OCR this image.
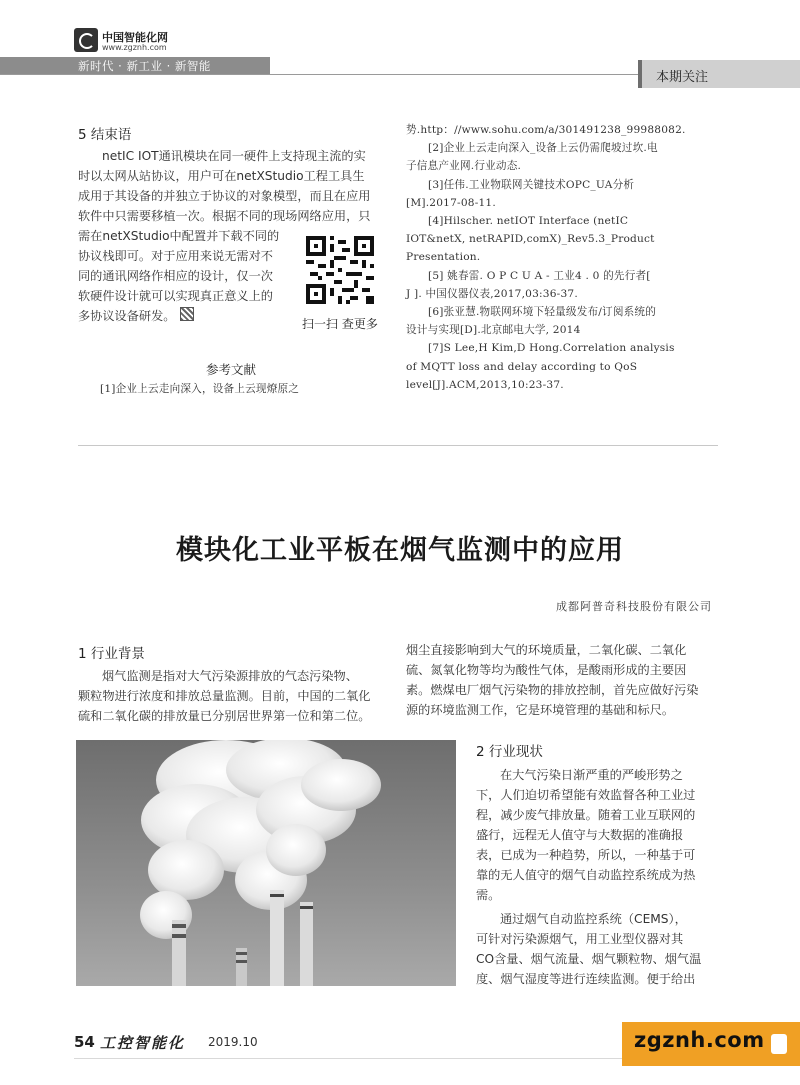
中国智能化网
www.zgznh.com
新时代 · 新工业 · 新智能
本期关注
5 结束语
netIC IOT通讯模块在同一硬件上支持现主流的实
时以太网从站协议，用户可在netXStudio工程工具生
成用于其设备的并独立于协议的对象模型，而且在应用
软件中只需要移植一次。根据不同的现场网络应用，只
需在netXStudio中配置并下载不同的
协议栈即可。对于应用来说无需对不
同的通讯网络作相应的设计，仅一次
软硬件设计就可以实现真正意义上的
多协议设备研发。
扫一扫 查更多
参考文献
[1]企业上云走向深入，设备上云现燎原之
势.http：//www.sohu.com/a/301491238_99988082.
[2]企业上云走向深入_设备上云仍需爬坡过坎.电
子信息产业网.行业动态.
[3]任伟.工业物联网关键技术OPC_UA分析
[M].2017-08-11.
[4]Hilscher. netIOT Interface (netIC
IOT&netX, netRAPID,comX)_Rev5.3_Product
Presentation.
[5] 姚春雷. O P C U A - 工业4 . 0 的先行者[
J ]. 中国仪器仪表,2017,03:36-37.
[6]张亚慧.物联网环境下轻量级发布/订阅系统的
设计与实现[D].北京邮电大学, 2014
[7]S Lee,H Kim,D Hong.Correlation analysis
of MQTT loss and delay according to QoS
level[J].ACM,2013,10:23-37.
模块化工业平板在烟气监测中的应用
成都阿普奇科技股份有限公司
1 行业背景
烟气监测是指对大气污染源排放的气态污染物、
颗粒物进行浓度和排放总量监测。目前，中国的二氧化
硫和二氧化碳的排放量已分别居世界第一位和第二位。
烟尘直接影响到大气的环境质量，二氧化碳、二氧化
硫、氮氧化物等均为酸性气体，是酸雨形成的主要因
素。燃煤电厂烟气污染物的排放控制，首先应做好污染
源的环境监测工作，它是环境管理的基础和标尺。
2 行业现状
在大气污染日渐严重的严峻形势之
下，人们迫切希望能有效监督各种工业过
程，减少废气排放量。随着工业互联网的
盛行，远程无人值守与大数据的准确报
表，已成为一种趋势，所以，一种基于可
靠的无人值守的烟气自动监控系统成为热
需。
通过烟气自动监控系统（CEMS），
可针对污染源烟气，用工业型仪器对其
CO含量、烟气流量、烟气颗粒物、烟气温
度、烟气湿度等进行连续监测。便于给出
54 工控智能化 2019.10	zgznh.com
